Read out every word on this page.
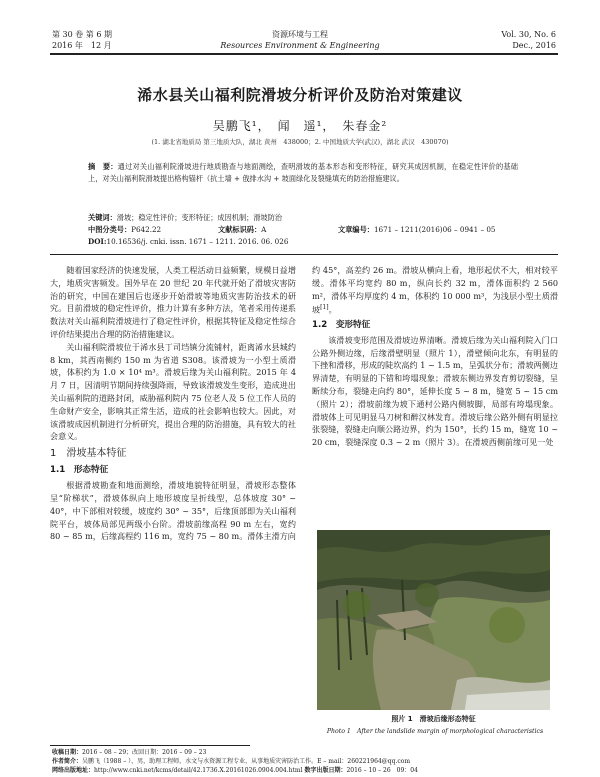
第 30 卷 第 6 期
2016 年　12 月
资源环境与工程
Resources Environment & Engineering
Vol. 30, No. 6
Dec., 2016
浠水县关山福利院滑坡分析评价及防治对策建议
吴鹏飞¹，　闻　遥¹，　朱春金²
(1. 湖北省地质局 第三地质大队，湖北 黄州　438000；2. 中国地质大学(武汉)，湖北 武汉　430070)
摘　要：通过对关山福利院滑坡进行地质勘查与地面测绘，查明滑坡的基本形态和变形特征，研究其成因机制，在稳定性评价的基础上，对关山福利院滑坡提出格构锚杆（抗土墙 + 戗排水沟 + 坡面绿化及裂缝填充的防治措施建议。
关键词：滑坡；稳定性评价；变形特征；成因机制；滑坡防治
中图分类号：P642.22	文献标识码：A	文章编号：1671 – 1211(2016)06 – 0941 – 05
DOI:10.16536/j. cnki. issn. 1671 – 1211. 2016. 06. 026

随着国家经济的快速发展，人类工程活动日益频繁，规模日益增大，地质灾害频发。国外早在 20 世纪 20 年代就开始了滑坡灾害防治的研究，中国在建国后也逐步开始滑坡等地质灾害防治技术的研究。目前滑坡的稳定性评价，推力计算有多种方法，笔者采用传递系数法对关山福利院滑坡进行了稳定性评价，根据其特征及稳定性综合评价结果提出合理的防治措施建议。

关山福利院滑坡位于浠水县丁司垱镇分流铺村，距离浠水县城约 8 km，其西南侧约 150 m 为省道 S308。该滑坡为一小型土质滑坡，体积约为 1.0 × 10⁴ m³。滑坡后缘为关山福利院。2015 年 4 月 7 日，因清明节期间持续强降雨，导致该滑坡发生变形，造成进出关山福利院的道路封闭，威胁福利院内 75 位老人及 5 位工作人员的生命财产安全，影响其正常生活，造成的社会影响也较大。因此，对该滑坡成因机制进行分析研究，提出合理的防治措施，具有较大的社会意义。

1　滑坡基本特征
1.1　形态特征

根据滑坡勘查和地面测绘，滑坡地貌特征明显，滑坡形态整体呈“阶梯状”，滑坡体纵向上地形坡度呈折线型，总体坡度 30° ~ 40°，中下部相对较缓，坡度约 30° ~ 35°，后缘顶部即为关山福利院平台，坡体局部见两级小台阶。滑坡前缘高程 90 m 左右，宽约 80 ~ 85 m，后缘高程约 116 m，宽约 75 ~ 80 m。滑体主滑方向

约 45°，高差约 26 m。滑坡从横向上看，地形起伏不大，相对较平缓。滑体平均宽约 80 m，纵向长约 32 m，滑体面积约 2 560 m²，滑体平均厚度约 4 m，体积约 10 000 m³，为浅层小型土质滑坡[1]。

1.2　变形特征

该滑坡变形范围及滑坡边界清晰。滑坡后缘为关山福利院入门口公路外侧边缘，后缘滑壁明显（照片 1），滑壁倾向北东，有明显的下挫和滑移，形成的陡坎高约 1 ~ 1.5 m，呈弧状分布；滑坡两侧边界清楚，有明显的下错和垮塌现象；滑坡东侧边界发育剪切裂缝，呈断续分布，裂缝走向约 80°，延伸长度 5 ~ 8 m，缝宽 5 ~ 15 cm（照片 2）；滑坡前缘为坡下通村公路内侧坡脚，局部有垮塌现象。滑坡体上可见明显马刀树和醉汉林发育。滑坡后缘公路外侧有明显拉张裂缝，裂缝走向顺公路边界，约为 150°，长约 15 m，缝宽 10 ~ 20 cm，裂缝深度 0.3 ~ 2 m（照片 3）。在滑坡西侧前缘可见一处

照片 1　滑坡后缘形态特征
Photo 1　After the landslide margin of morphological characteristics
收稿日期：2016 – 08 – 29；改回日期：2016 – 09 – 23
作者简介：吴鹏飞（1988 – ），男，助理工程师，水文与水资源工程专业，从事地质灾害防治工作。E – mail：260221964@qq.com
网络出版地址：http://www.cnki.net/kcms/detail/42.1736.X.20161026.0904.004.html 数字出版日期：2016 – 10 – 26　09：04
